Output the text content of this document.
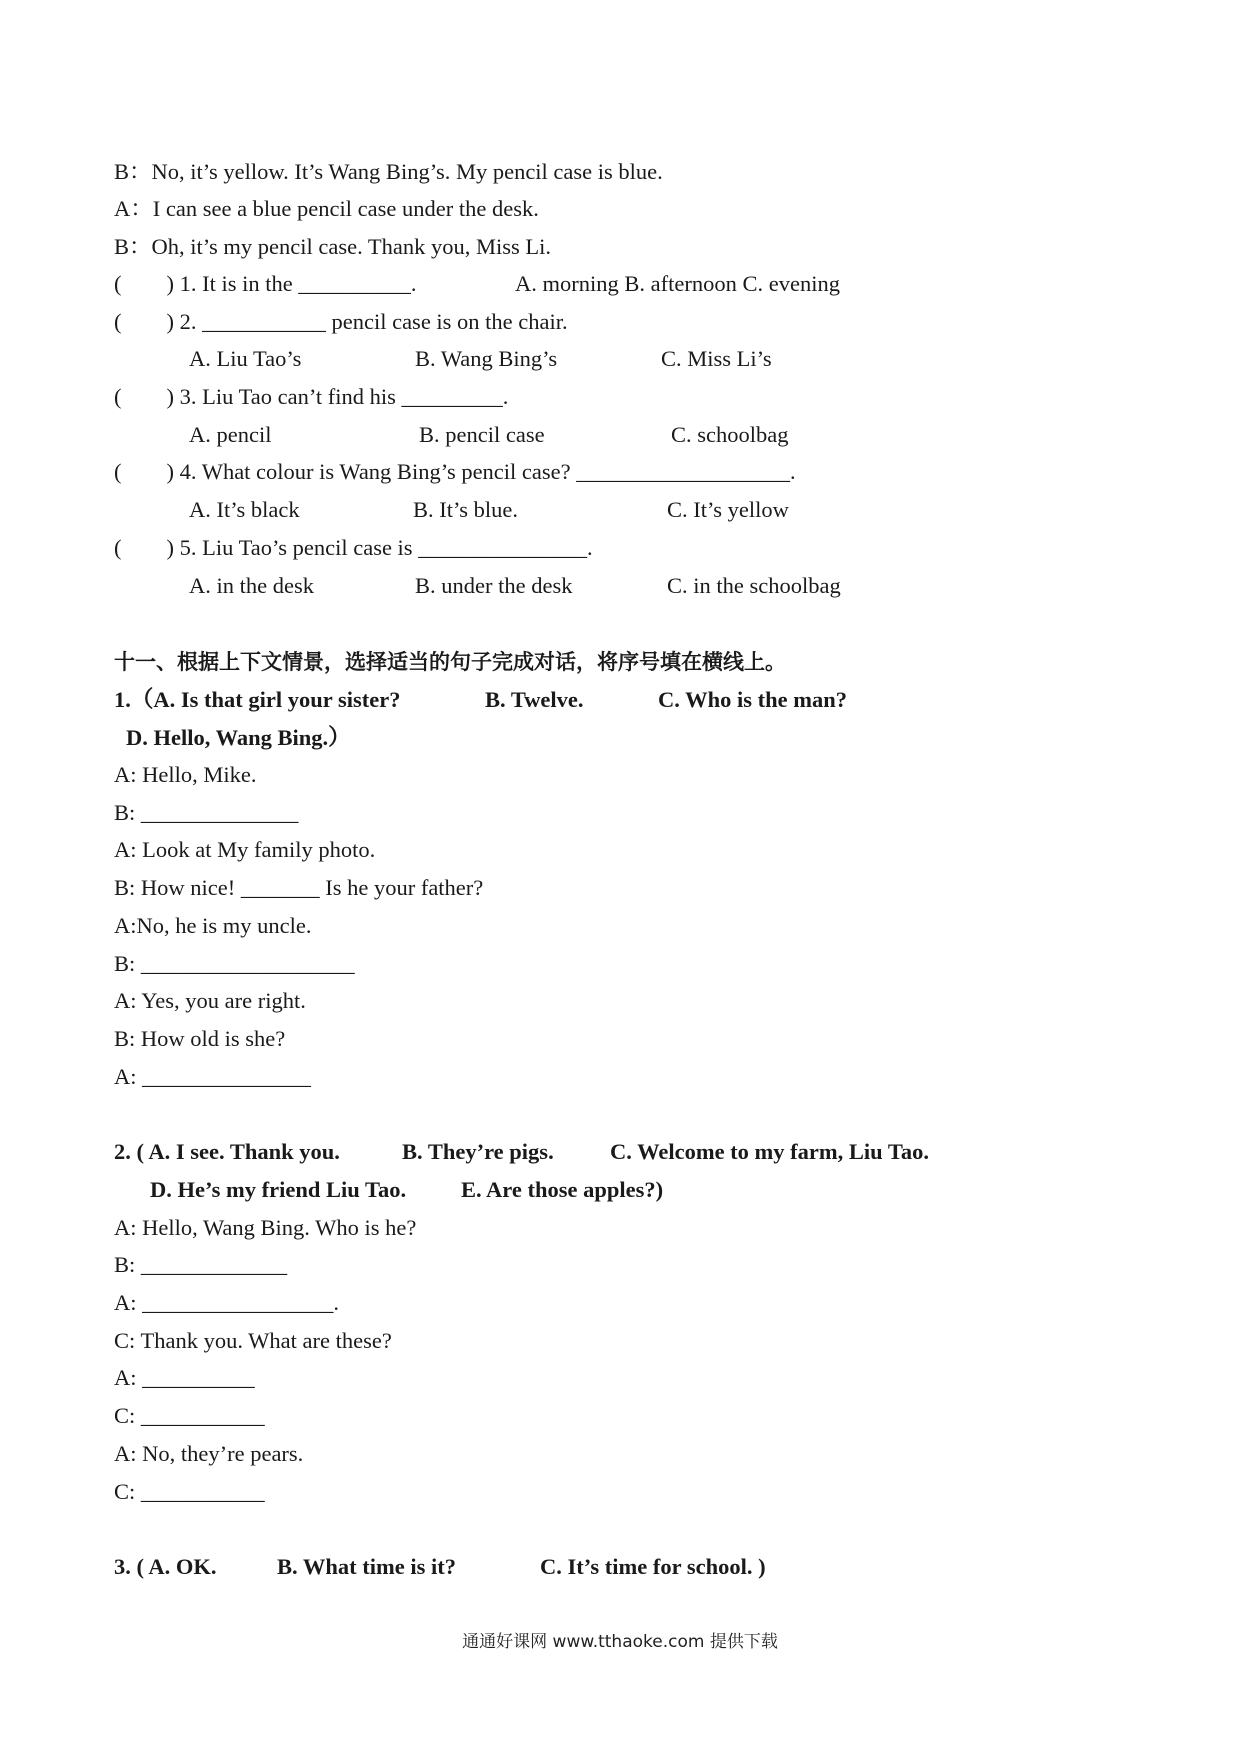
B：No, it’s yellow. It’s Wang Bing’s. My pencil case is blue.
A：I can see a blue pencil case under the desk.
B：Oh, it’s my pencil case. Thank you, Miss Li.
(        ) 1. It is in the __________.	A. morning B. afternoon C. evening
(        ) 2. ___________ pencil case is on the chair.
A. Liu Tao’s	B. Wang Bing’s	C. Miss Li’s
(        ) 3. Liu Tao can’t find his _________.
A. pencil	B. pencil case	C. schoolbag
(        ) 4. What colour is Wang Bing’s pencil case? ___________________.
A. It’s black	B. It’s blue.	C. It’s yellow
(        ) 5. Liu Tao’s pencil case is _______________.
A. in the desk	B. under the desk	C. in the schoolbag
十一、根据上下文情景，选择适当的句子完成对话，将序号填在横线上。
1.（A. Is that girl your sister?	B. Twelve.	C. Who is the man?
D. Hello, Wang Bing.）
A: Hello, Mike.
B: ______________
A: Look at My family photo.
B: How nice! _______ Is he your father?
A:No, he is my uncle.
B: ___________________
A: Yes, you are right.
B: How old is she?
A: _______________
2. ( A. I see. Thank you.	B. They’re pigs.	C. Welcome to my farm, Liu Tao.
D. He’s my friend Liu Tao. E. Are those apples?)
A: Hello, Wang Bing. Who is he?
B: _____________
A: _________________.
C: Thank you. What are these?
A: __________
C: ___________
A: No, they’re pears.
C: ___________
3. ( A. OK.	B. What time is it?	C. It’s time for school. )
通通好课网 www.tthaoke.com 提供下载
